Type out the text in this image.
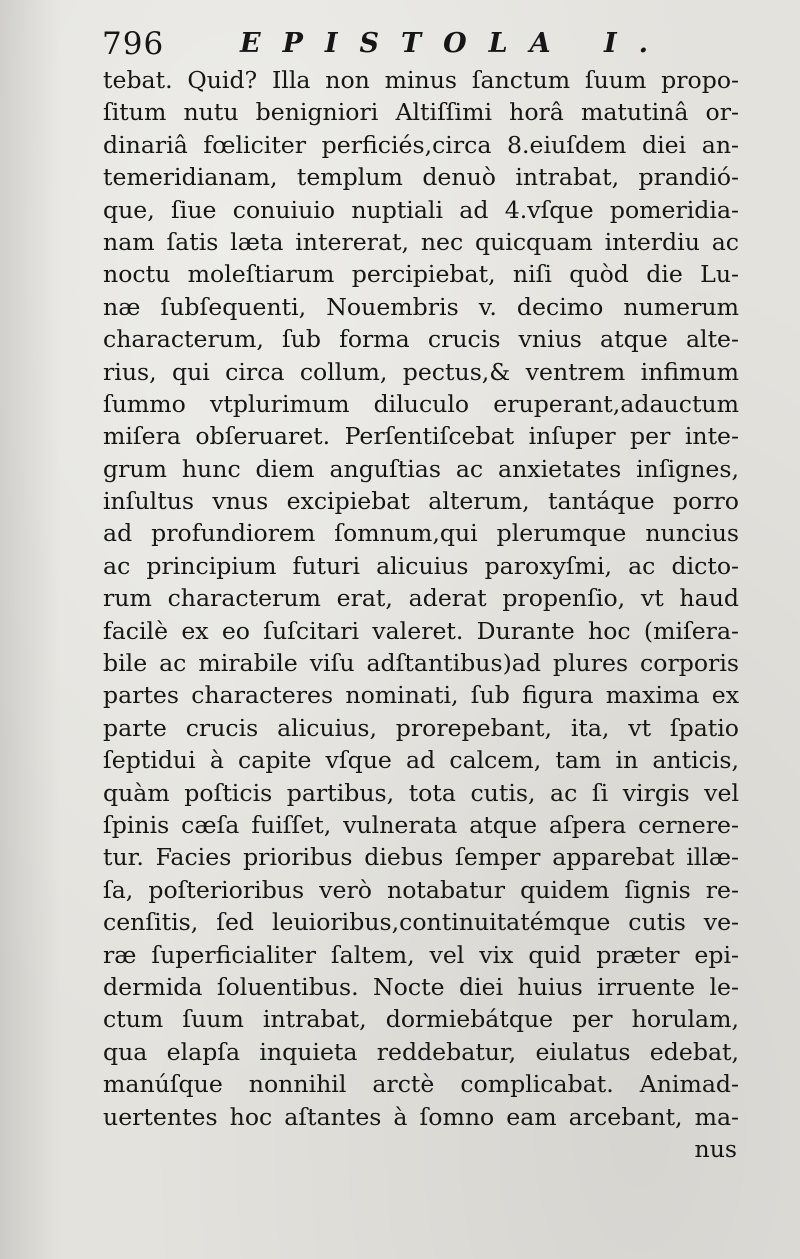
796	EPISTOLA I.
tebat. Quid? Illa non minus ſanctum ſuum propo-
ſitum nutu benigniori Altiſſimi horâ matutinâ or-
dinariâ fœliciter perficiés,circa 8.eiuſdem diei an-
temeridianam, templum denuò intrabat, prandió-
que, ſiue conuiuio nuptiali ad 4.vſque pomeridia-
nam ſatis læta intererat, nec quicquam interdiu ac
noctu moleſtiarum percipiebat, niſi quòd die Lu-
næ ſubſequenti, Nouembris v. decimo numerum
characterum, ſub forma crucis vnius atque alte-
rius, qui circa collum, pectus,& ventrem infimum
ſummo vtplurimum diluculo eruperant,adauctum
miſera obſeruaret. Perſentiſcebat inſuper per inte-
grum hunc diem anguſtias ac anxietates inſignes,
inſultus vnus excipiebat alterum, tantáque porro
ad profundiorem ſomnum,qui plerumque nuncius
ac principium futuri alicuius paroxyſmi, ac dicto-
rum characterum erat, aderat propenſio, vt haud
facilè ex eo ſuſcitari valeret. Durante hoc (miſera-
bile ac mirabile viſu adſtantibus)ad plures corporis
partes characteres nominati, ſub figura maxima ex
parte crucis alicuius, prorepebant, ita, vt ſpatio
ſeptidui à capite vſque ad calcem, tam in anticis,
quàm poſticis partibus, tota cutis, ac ſi virgis vel
ſpinis cæſa fuiſſet, vulnerata atque aſpera cernere-
tur. Facies prioribus diebus ſemper apparebat illæ-
ſa, poſterioribus verò notabatur quidem ſignis re-
cenſitis, ſed leuioribus,continuitatémque cutis ve-
ræ ſuperficialiter ſaltem, vel vix quid præter epi-
dermida ſoluentibus. Nocte diei huius irruente le-
ctum ſuum intrabat, dormiebátque per horulam,
qua elapſa inquieta reddebatur, eiulatus edebat,
manúſque nonnihil arctè complicabat. Animad-
uertentes hoc aſtantes à ſomno eam arcebant, ma-
nus
